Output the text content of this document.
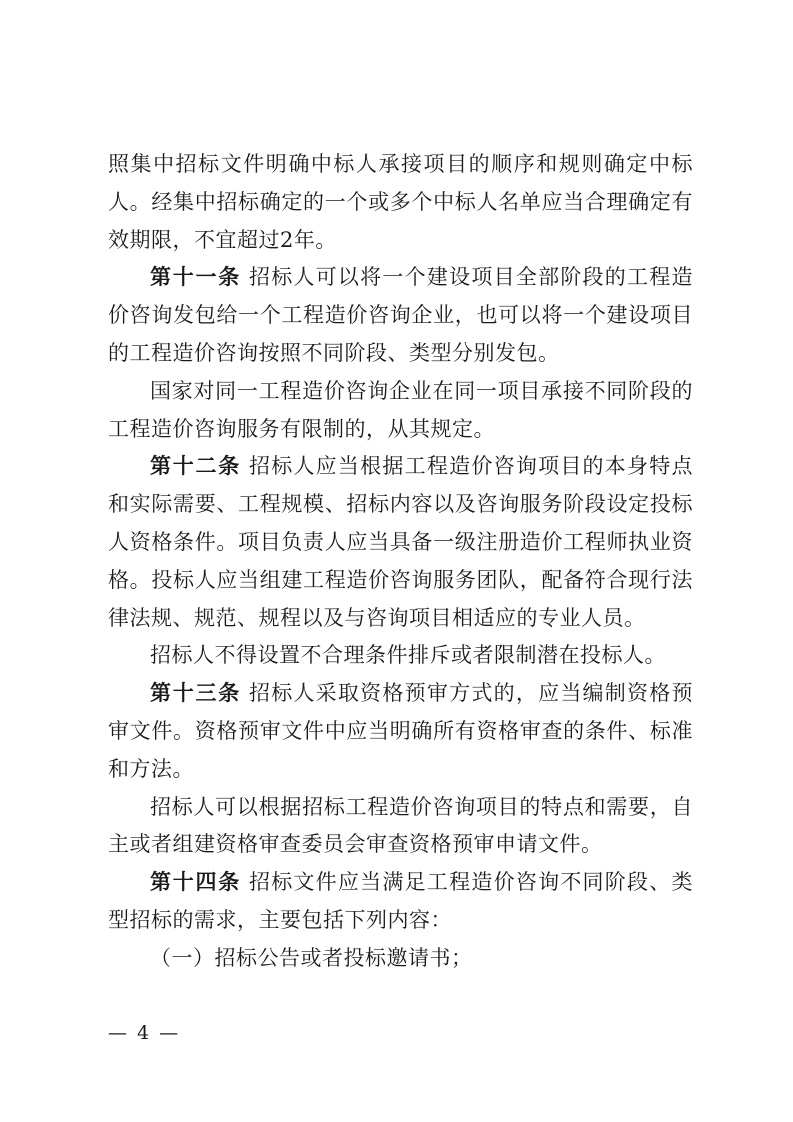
照集中招标文件明确中标人承接项目的顺序和规则确定中标人。经集中招标确定的一个或多个中标人名单应当合理确定有效期限，不宜超过2年。

第十一条 招标人可以将一个建设项目全部阶段的工程造价咨询发包给一个工程造价咨询企业，也可以将一个建设项目的工程造价咨询按照不同阶段、类型分别发包。

国家对同一工程造价咨询企业在同一项目承接不同阶段的工程造价咨询服务有限制的，从其规定。

第十二条 招标人应当根据工程造价咨询项目的本身特点和实际需要、工程规模、招标内容以及咨询服务阶段设定投标人资格条件。项目负责人应当具备一级注册造价工程师执业资格。投标人应当组建工程造价咨询服务团队，配备符合现行法律法规、规范、规程以及与咨询项目相适应的专业人员。

招标人不得设置不合理条件排斥或者限制潜在投标人。

第十三条 招标人采取资格预审方式的，应当编制资格预审文件。资格预审文件中应当明确所有资格审查的条件、标准和方法。

招标人可以根据招标工程造价咨询项目的特点和需要，自主或者组建资格审查委员会审查资格预审申请文件。

第十四条 招标文件应当满足工程造价咨询不同阶段、类型招标的需求，主要包括下列内容：

（一）招标公告或者投标邀请书；

— 4 —
